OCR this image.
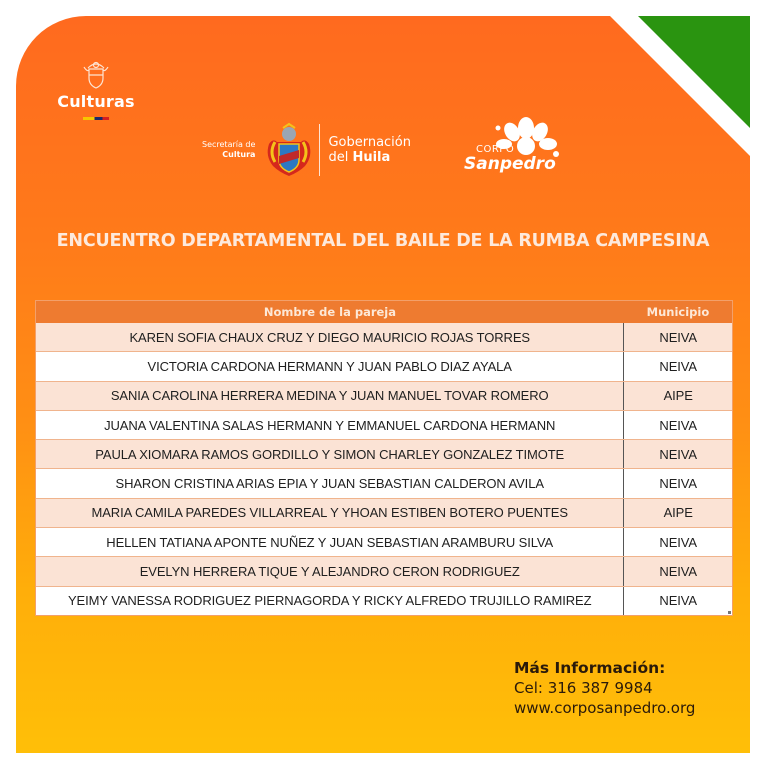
Culturas
Secretaría de
Cultura
Gobernación
del Huila
CORPO
Sanpedro
ENCUENTRO DEPARTAMENTAL DEL BAILE DE LA RUMBA CAMPESINA
Nombre de la pareja	Municipio
KAREN SOFIA CHAUX CRUZ Y DIEGO MAURICIO ROJAS TORRES	NEIVA
VICTORIA CARDONA HERMANN Y JUAN PABLO DIAZ AYALA	NEIVA
SANIA CAROLINA HERRERA MEDINA Y JUAN MANUEL TOVAR ROMERO	AIPE
JUANA VALENTINA SALAS HERMANN Y EMMANUEL CARDONA HERMANN	NEIVA
PAULA XIOMARA RAMOS GORDILLO Y SIMON CHARLEY GONZALEZ TIMOTE	NEIVA
SHARON CRISTINA ARIAS EPIA Y JUAN SEBASTIAN CALDERON AVILA	NEIVA
MARIA CAMILA PAREDES VILLARREAL Y YHOAN ESTIBEN BOTERO PUENTES	AIPE
HELLEN TATIANA APONTE NUÑEZ Y JUAN SEBASTIAN ARAMBURU SILVA	NEIVA
EVELYN HERRERA TIQUE Y ALEJANDRO CERON RODRIGUEZ	NEIVA
YEIMY VANESSA RODRIGUEZ PIERNAGORDA Y RICKY ALFREDO TRUJILLO RAMIREZ	NEIVA
Más Información:
Cel: 316 387 9984
www.corposanpedro.org
